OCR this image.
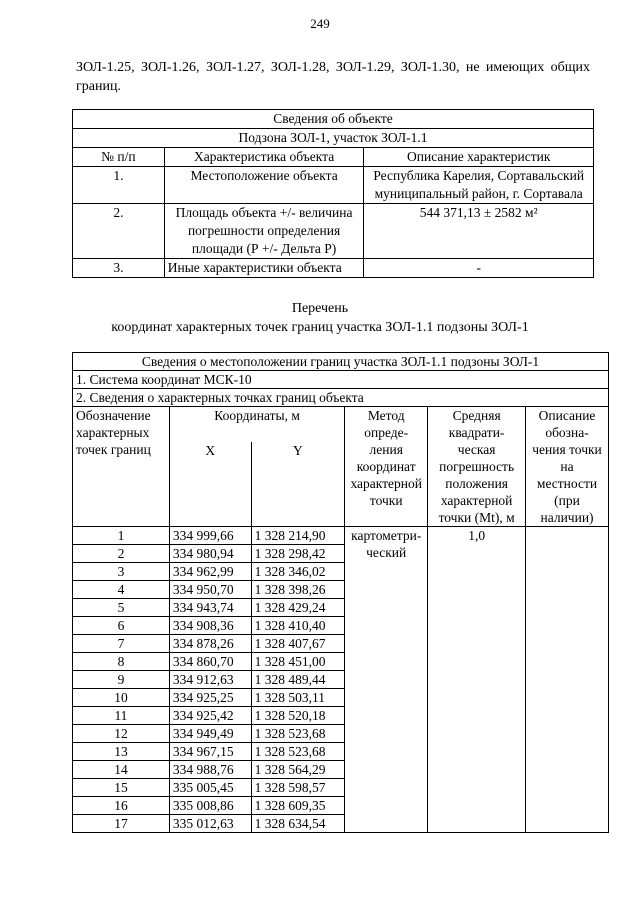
249
ЗОЛ-1.25, ЗОЛ-1.26, ЗОЛ-1.27, ЗОЛ-1.28, ЗОЛ-1.29, ЗОЛ-1.30, не имеющих общих границ.
Сведения об объекте		
Подзона ЗОЛ-1, участок ЗОЛ-1.1		
№ п/п	Характеристика объекта	Описание характеристик
1.	Местоположение объекта	Республика Карелия, Сортавальский муниципальный район, г. Сортавала
2.	Площадь объекта +/- величина погрешности определения площади (Р +/- Дельта Р)	544 371,13 ± 2582 м²
3.	Иные характеристики объекта	-
Перечень
координат характерных точек границ участка ЗОЛ-1.1 подзоны ЗОЛ-1
Сведения о местоположении границ участка ЗОЛ-1.1 подзоны ЗОЛ-1					
1. Система координат МСК-10					
2. Сведения о характерных точках границ объекта					
Обозначение характерных точек границ	Координаты, м		Метод опреде-ления координат характерной точки	Средняя квадрати-ческая погрешность положения характерной точки (Mt), м	Описание обозна-чения точки на местности (при наличии)
	X	Y			
1	334 999,66	1 328 214,90	картометри-ческий	1,0	
2	334 980,94	1 328 298,42			
3	334 962,99	1 328 346,02			
4	334 950,70	1 328 398,26			
5	334 943,74	1 328 429,24			
6	334 908,36	1 328 410,40			
7	334 878,26	1 328 407,67			
8	334 860,70	1 328 451,00			
9	334 912,63	1 328 489,44			
10	334 925,25	1 328 503,11			
11	334 925,42	1 328 520,18			
12	334 949,49	1 328 523,68			
13	334 967,15	1 328 523,68			
14	334 988,76	1 328 564,29			
15	335 005,45	1 328 598,57			
16	335 008,86	1 328 609,35			
17	335 012,63	1 328 634,54			
